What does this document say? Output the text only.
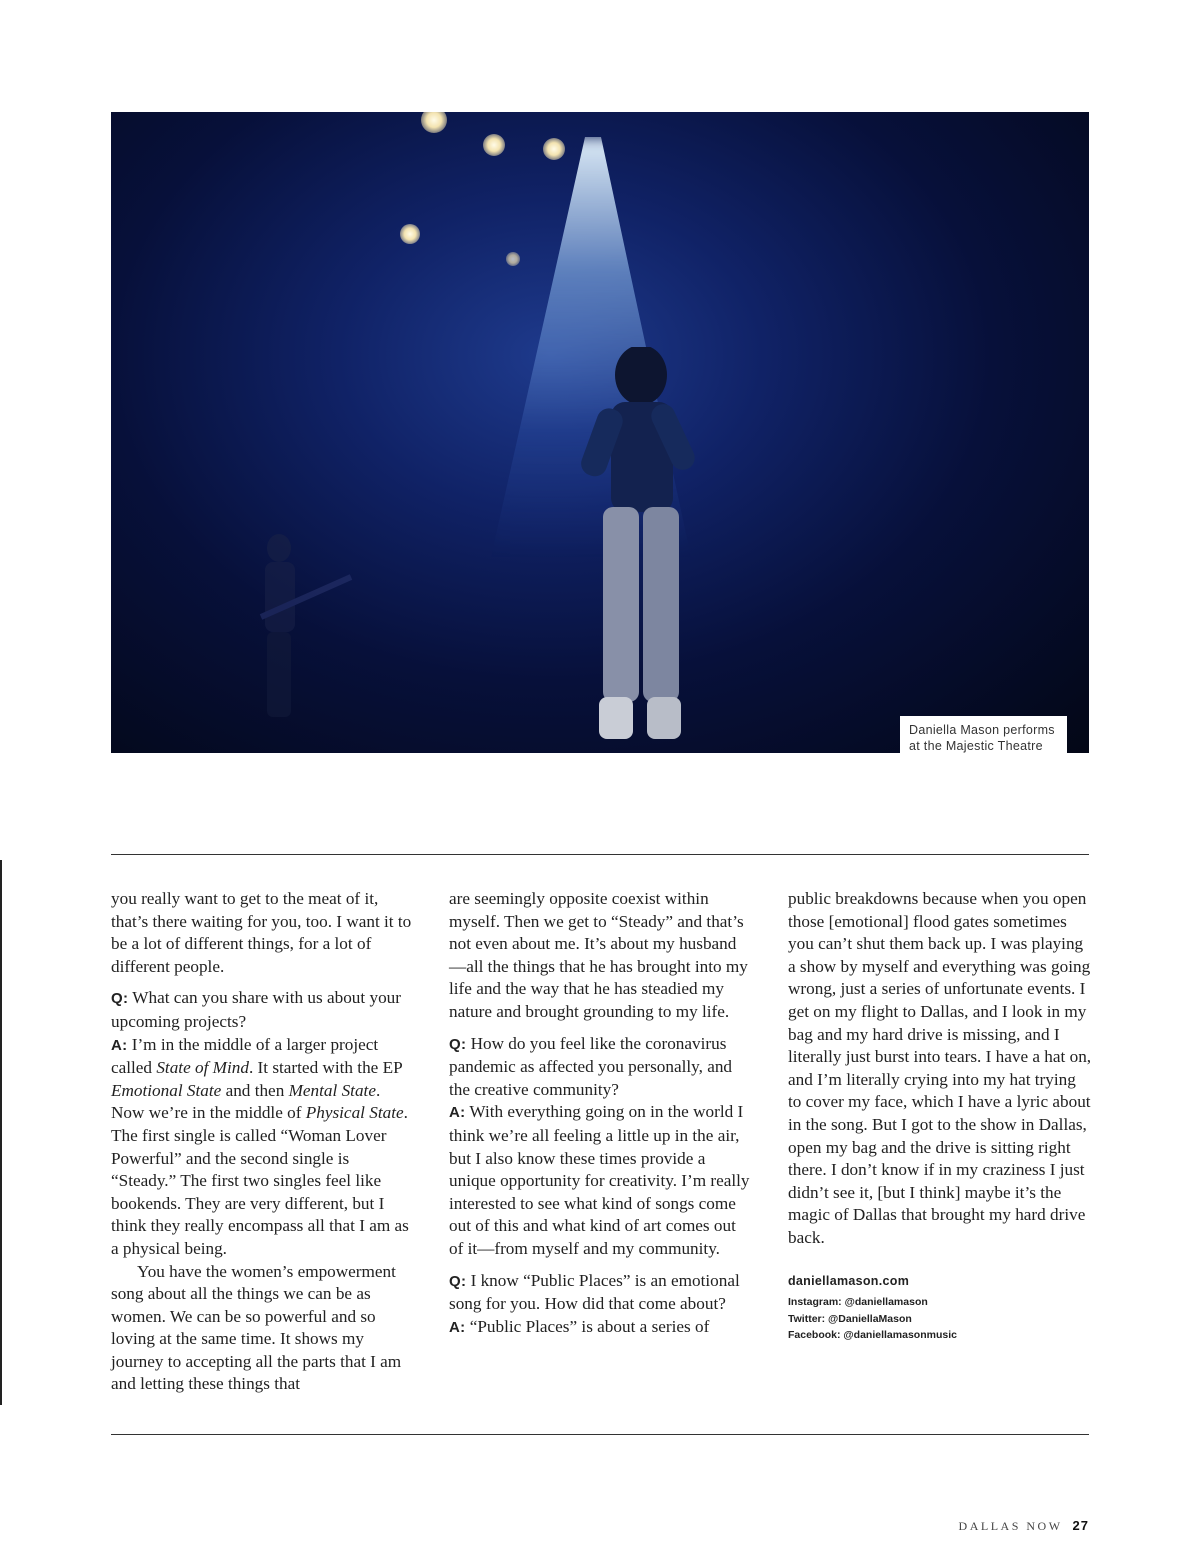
Daniella Mason performs
at the Majestic Theatre

you really want to get to the meat of it, that’s there waiting for you, too. I want it to be a lot of different things, for a lot of different people.

Q: What can you share with us about your upcoming projects?
A: I’m in the middle of a larger project called State of Mind. It started with the EP Emotional State and then Mental State. Now we’re in the middle of Physical State. The first single is called “Woman Lover Powerful” and the second single is “Steady.” The first two singles feel like bookends. They are very different, but I think they really encompass all that I am as a physical being.

You have the women’s empowerment song about all the things we can be as women. We can be so powerful and so loving at the same time. It shows my journey to accepting all the parts that I am and letting these things that

are seemingly opposite coexist within myself. Then we get to “Steady” and that’s not even about me. It’s about my husband—all the things that he has brought into my life and the way that he has steadied my nature and brought grounding to my life.

Q: How do you feel like the coronavirus pandemic as affected you personally, and the creative community?
A: With everything going on in the world I think we’re all feeling a little up in the air, but I also know these times provide a unique opportunity for creativity. I’m really interested to see what kind of songs come out of this and what kind of art comes out of it—from myself and my community.

Q: I know “Public Places” is an emotional song for you. How did that come about?
A: “Public Places” is about a series of

public breakdowns because when you open those [emotional] flood gates sometimes you can’t shut them back up. I was playing a show by myself and everything was going wrong, just a series of unfortunate events. I get on my flight to Dallas, and I look in my bag and my hard drive is missing, and I literally just burst into tears. I have a hat on, and I’m literally crying into my hat trying to cover my face, which I have a lyric about in the song. But I got to the show in Dallas, open my bag and the drive is sitting right there. I don’t know if in my craziness I just didn’t see it, [but I think] maybe it’s the magic of Dallas that brought my hard drive back.

daniellamason.com
Instagram: @daniellamason
Twitter: @DaniellaMason
Facebook: @daniellamasonmusic
DALLAS NOW 27
